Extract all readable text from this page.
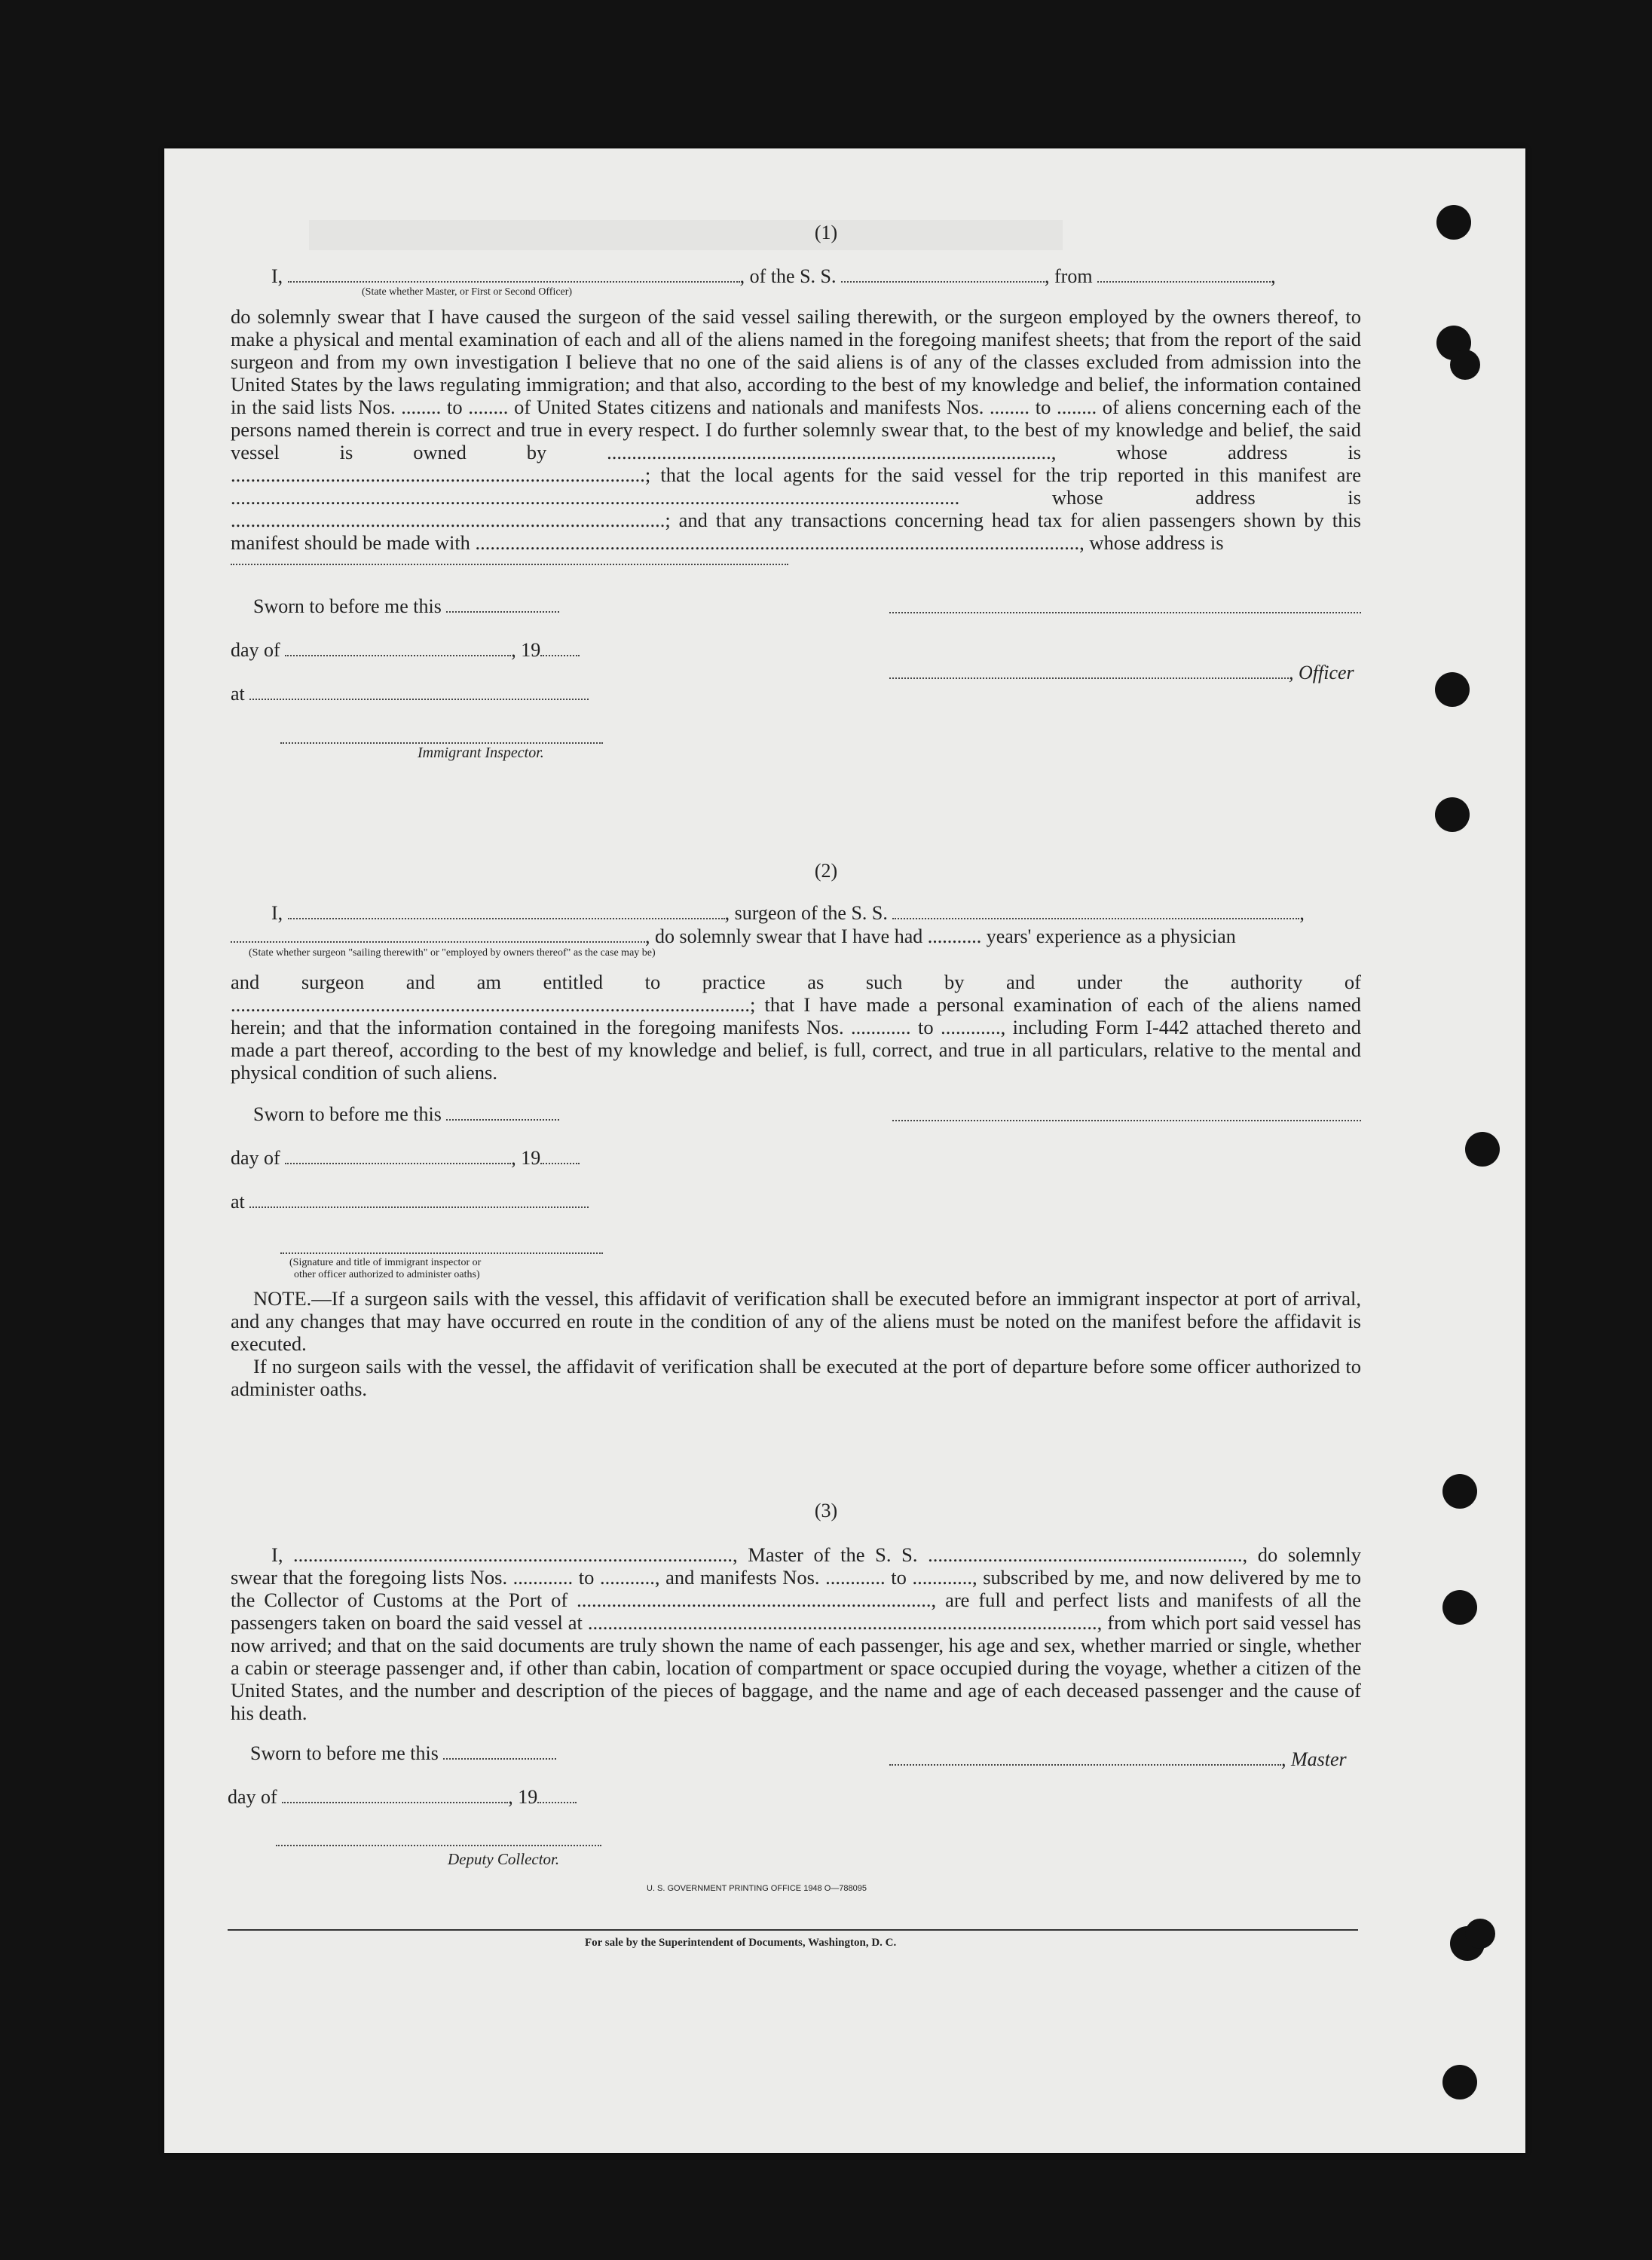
(1)
I,	, of the S. S.	, from	,
(State whether Master, or First or Second Officer)

do solemnly swear that I have caused the surgeon of the said vessel sailing therewith, or the surgeon employed by the owners thereof, to make a physical and mental examination of each and all of the aliens named in the foregoing manifest sheets; that from the report of the said surgeon and from my own investigation I believe that no one of the said aliens is of any of the classes excluded from admission into the United States by the laws regulating immigration; and that also, according to the best of my knowledge and belief, the information contained in the said lists Nos. ........ to ........ of United States citizens and nationals and manifests Nos. ........ to ........ of aliens concerning each of the persons named therein is correct and true in every respect. I do further solemnly swear that, to the best of my knowledge and belief, the said vessel is owned by ........................................................................................., whose address is ...................................................................................; that the local agents for the said vessel for the trip reported in this manifest are .................................................................................................................................................. whose address is .......................................................................................; and that any transactions concerning head tax for alien passengers shown by this manifest should be made with ........................................................................................................................., whose address is

Sworn to before me this
day of	, 19
, Officer
at
Immigrant Inspector.
(2)
I,	, surgeon of the S. S.	,
, do solemnly swear that I have had ........... years' experience as a physician
(State whether surgeon "sailing therewith" or "employed by owners thereof" as the case may be)

and surgeon and am entitled to practice as such by and under the authority of ........................................................................................................; that I have made a personal examination of each of the aliens named herein; and that the information contained in the foregoing manifests Nos. ............ to ............, including Form I-442 attached thereto and made a part thereof, according to the best of my knowledge and belief, is full, correct, and true in all particulars, relative to the mental and physical condition of such aliens.

Sworn to before me this
day of	, 19
at
(Signature and title of immigrant inspector or
other officer authorized to administer oaths)

NOTE.—If a surgeon sails with the vessel, this affidavit of verification shall be executed before an immigrant inspector at port of arrival, and any changes that may have occurred en route in the condition of any of the aliens must be noted on the manifest before the affidavit is executed.

If no surgeon sails with the vessel, the affidavit of verification shall be executed at the port of departure before some officer authorized to administer oaths.

(3)

I, ........................................................................................, Master of the S. S. ..............................................................., do solemnly swear that the foregoing lists Nos. ............ to ..........., and manifests Nos. ............ to ............, subscribed by me, and now delivered by me to the Collector of Customs at the Port of ......................................................................., are full and perfect lists and manifests of all the passengers taken on board the said vessel at ......................................................................................................, from which port said vessel has now arrived; and that on the said documents are truly shown the name of each passenger, his age and sex, whether married or single, whether a cabin or steerage passenger and, if other than cabin, location of compartment or space occupied during the voyage, whether a citizen of the United States, and the number and description of the pieces of baggage, and the name and age of each deceased passenger and the cause of his death.

Sworn to before me this	, Master
day of	, 19
Deputy Collector.
U. S. GOVERNMENT PRINTING OFFICE 1948 O—788095
For sale by the Superintendent of Documents, Washington, D. C.
